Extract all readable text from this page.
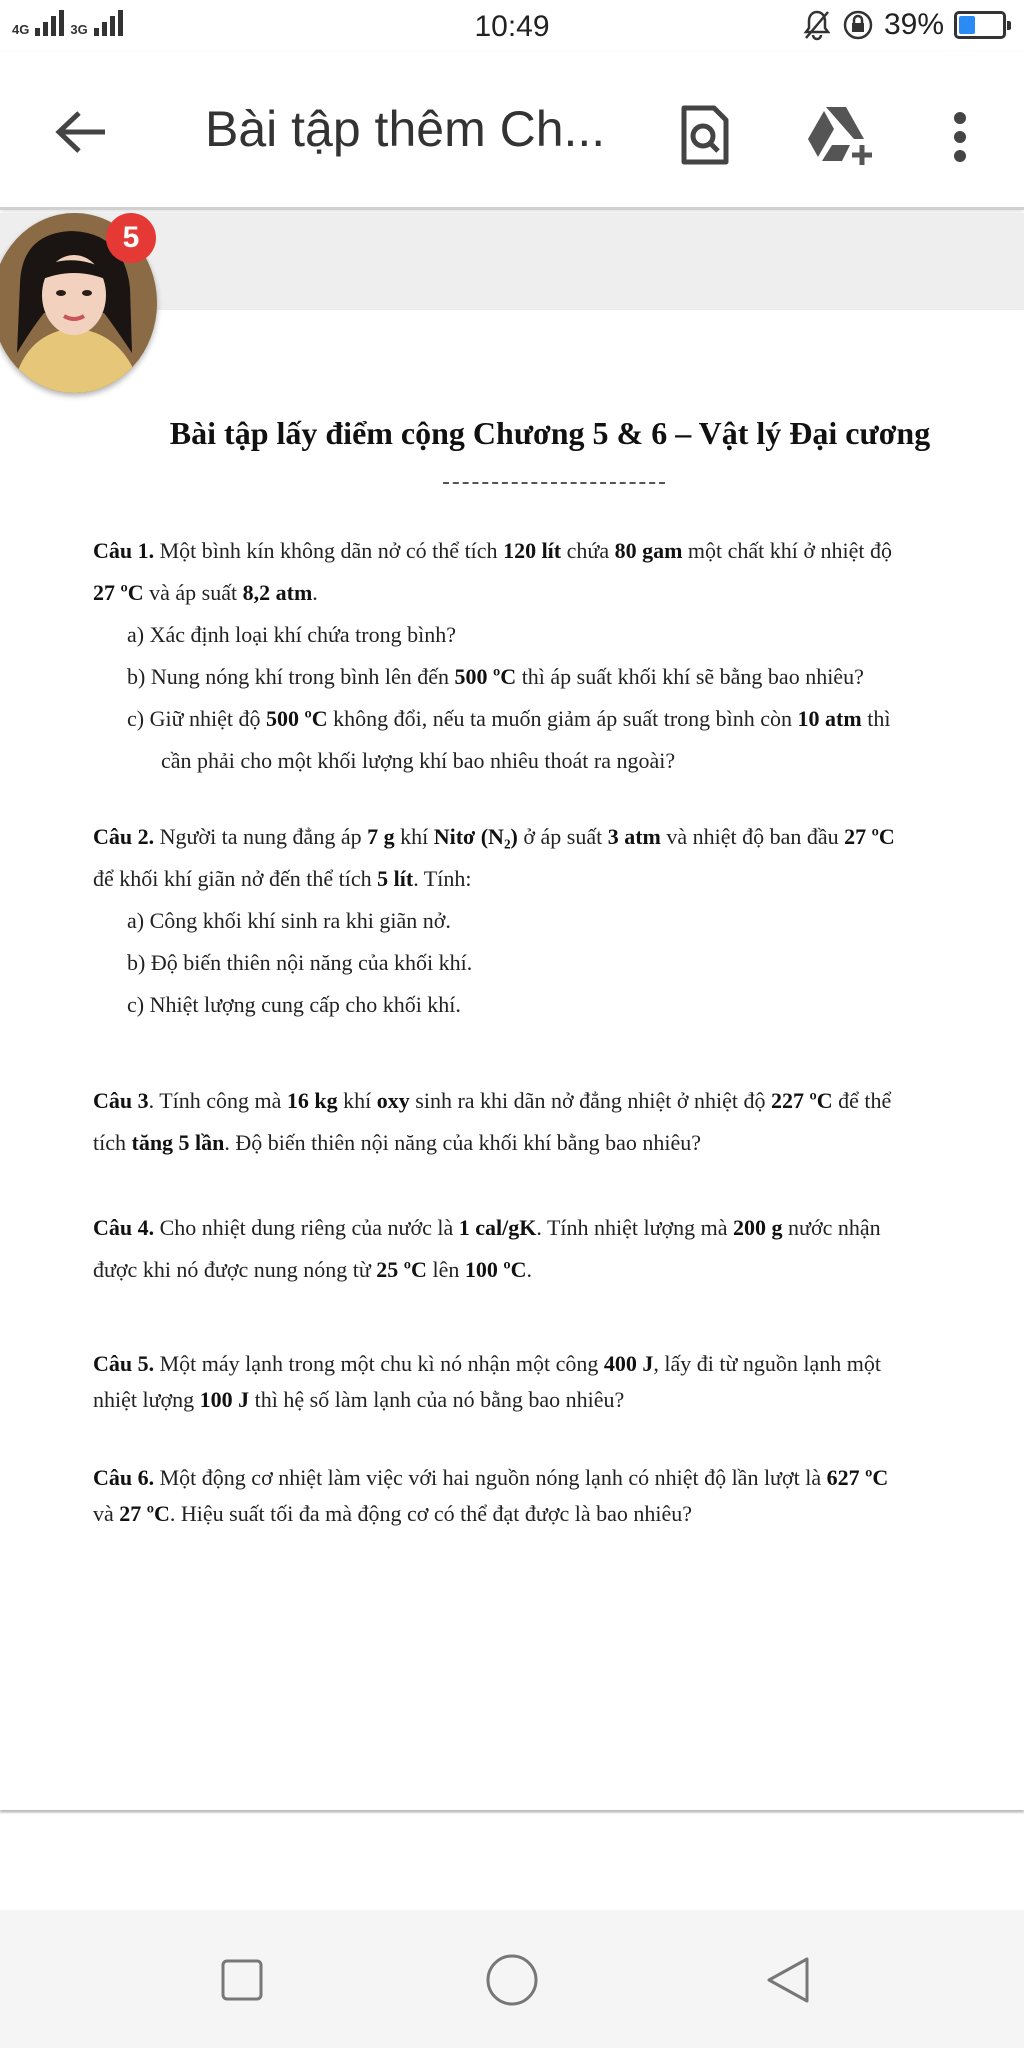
4G	3G	10:49	39%
Bài tập thêm Ch...
Bài tập lấy điểm cộng Chương 5 & 6 – Vật lý Đại cương

Câu 1. Một bình kín không dãn nở có thể tích 120 lít chứa 80 gam một chất khí ở nhiệt độ

27 ºC và áp suất 8,2 atm.

a) Xác định loại khí chứa trong bình?

b) Nung nóng khí trong bình lên đến 500 ºC thì áp suất khối khí sẽ bằng bao nhiêu?

c) Giữ nhiệt độ 500 ºC không đổi, nếu ta muốn giảm áp suất trong bình còn 10 atm thì

cần phải cho một khối lượng khí bao nhiêu thoát ra ngoài?

Câu 2. Người ta nung đẳng áp 7 g khí Nitơ (N₂) ở áp suất 3 atm và nhiệt độ ban đầu 27 ºC

để khối khí giãn nở đến thể tích 5 lít. Tính:

a) Công khối khí sinh ra khi giãn nở.

b) Độ biến thiên nội năng của khối khí.

c) Nhiệt lượng cung cấp cho khối khí.

Câu 3. Tính công mà 16 kg khí oxy sinh ra khi dãn nở đẳng nhiệt ở nhiệt độ 227 ºC để thể

tích tăng 5 lần. Độ biến thiên nội năng của khối khí bằng bao nhiêu?

Câu 4. Cho nhiệt dung riêng của nước là 1 cal/gK. Tính nhiệt lượng mà 200 g nước nhận

được khi nó được nung nóng từ 25 ºC lên 100 ºC.

Câu 5. Một máy lạnh trong một chu kì nó nhận một công 400 J, lấy đi từ nguồn lạnh một

nhiệt lượng 100 J thì hệ số làm lạnh của nó bằng bao nhiêu?

Câu 6. Một động cơ nhiệt làm việc với hai nguồn nóng lạnh có nhiệt độ lần lượt là 627 ºC

và 27 ºC. Hiệu suất tối đa mà động cơ có thể đạt được là bao nhiêu?

5
